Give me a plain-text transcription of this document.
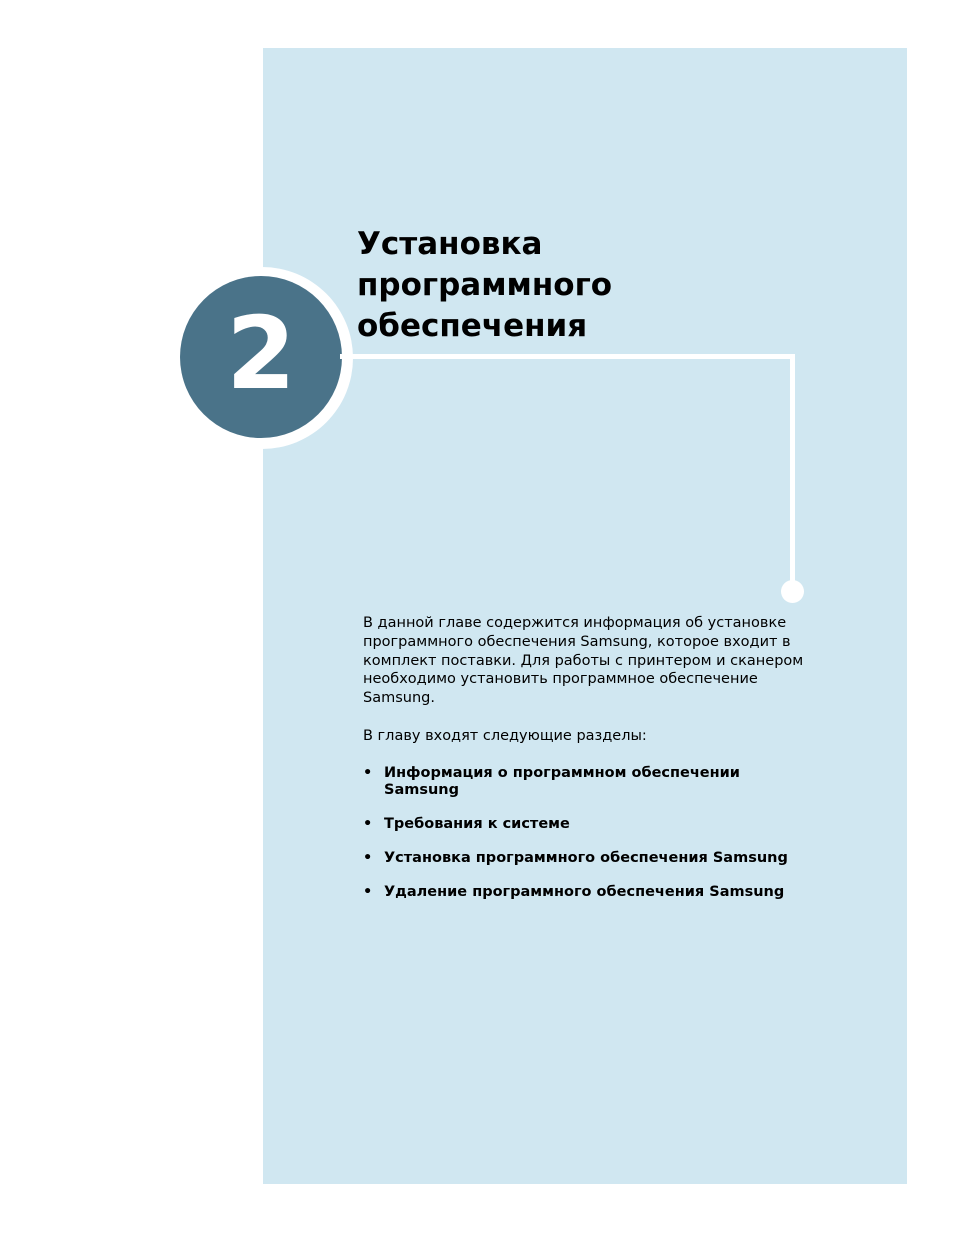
2
Установка
программного
обеспечения

В данной главе содержится информация об установке
программного обеспечения Samsung, которое входит в
комплект поставки. Для работы с принтером и сканером
необходимо установить программное обеспечение
Samsung.

В главу входят следующие разделы:

• Информация о программном обеспечении
Samsung
• Требования к системе
• Установка программного обеспечения Samsung
• Удаление программного обеспечения Samsung
